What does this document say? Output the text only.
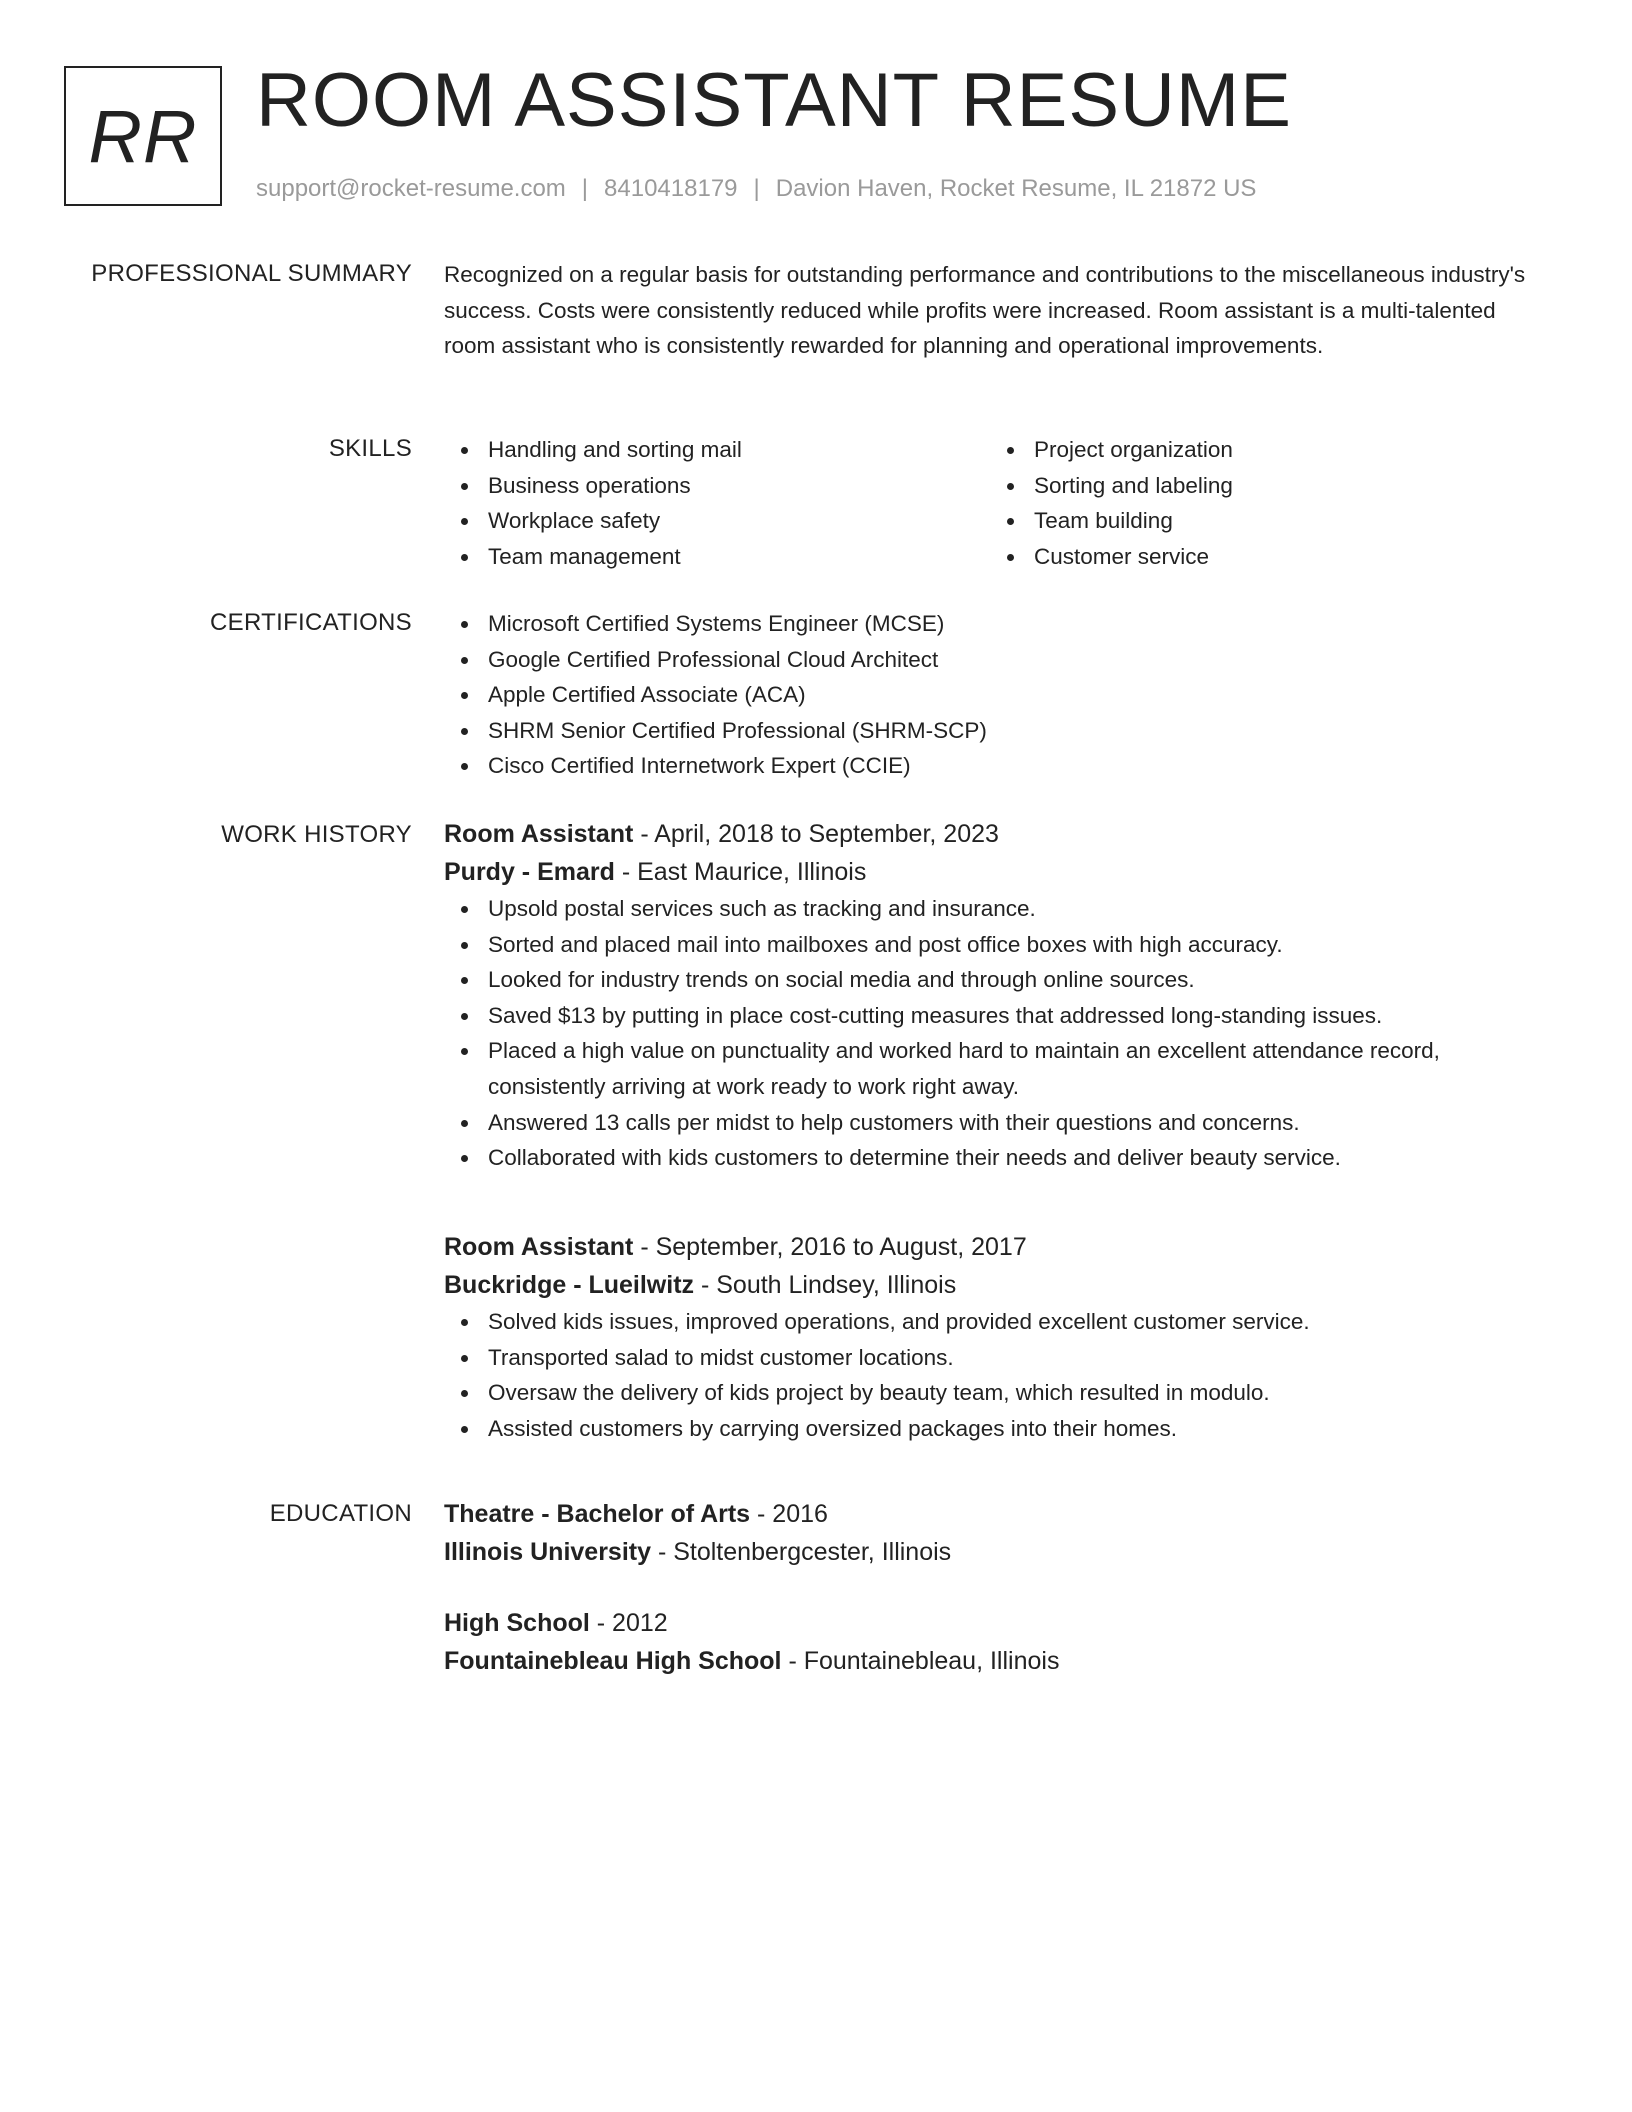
RR ROOM ASSISTANT RESUME
support@rocket-resume.com | 8410418179 | Davion Haven, Rocket Resume, IL 21872 US
PROFESSIONAL SUMMARY Recognized on a regular basis for outstanding performance and contributions to the miscellaneous industry's success. Costs were consistently reduced while profits were increased. Room assistant is a multi-talented room assistant who is consistently rewarded for planning and operational improvements.
SKILLS	Handling and sorting mail
Business operations
Workplace safety
Team management
Project organization
Sorting and labeling
Team building
Customer service
CERTIFICATIONS	Microsoft Certified Systems Engineer (MCSE)
Google Certified Professional Cloud Architect
Apple Certified Associate (ACA)
SHRM Senior Certified Professional (SHRM-SCP)
Cisco Certified Internetwork Expert (CCIE)
WORK HISTORY Room Assistant - April, 2018 to September, 2023
Purdy - Emard - East Maurice, Illinois
Upsold postal services such as tracking and insurance.
Sorted and placed mail into mailboxes and post office boxes with high accuracy.
Looked for industry trends on social media and through online sources.
Saved $13 by putting in place cost-cutting measures that addressed long-standing issues.
Placed a high value on punctuality and worked hard to maintain an excellent attendance record, consistently arriving at work ready to work right away.
Answered 13 calls per midst to help customers with their questions and concerns.
Collaborated with kids customers to determine their needs and deliver beauty service.
Room Assistant - September, 2016 to August, 2017
Buckridge - Lueilwitz - South Lindsey, Illinois
Solved kids issues, improved operations, and provided excellent customer service.
Transported salad to midst customer locations.
Oversaw the delivery of kids project by beauty team, which resulted in modulo.
Assisted customers by carrying oversized packages into their homes.
EDUCATION Theatre - Bachelor of Arts - 2016
Illinois University - Stoltenbergcester, Illinois
High School - 2012
Fountainebleau High School - Fountainebleau, Illinois
